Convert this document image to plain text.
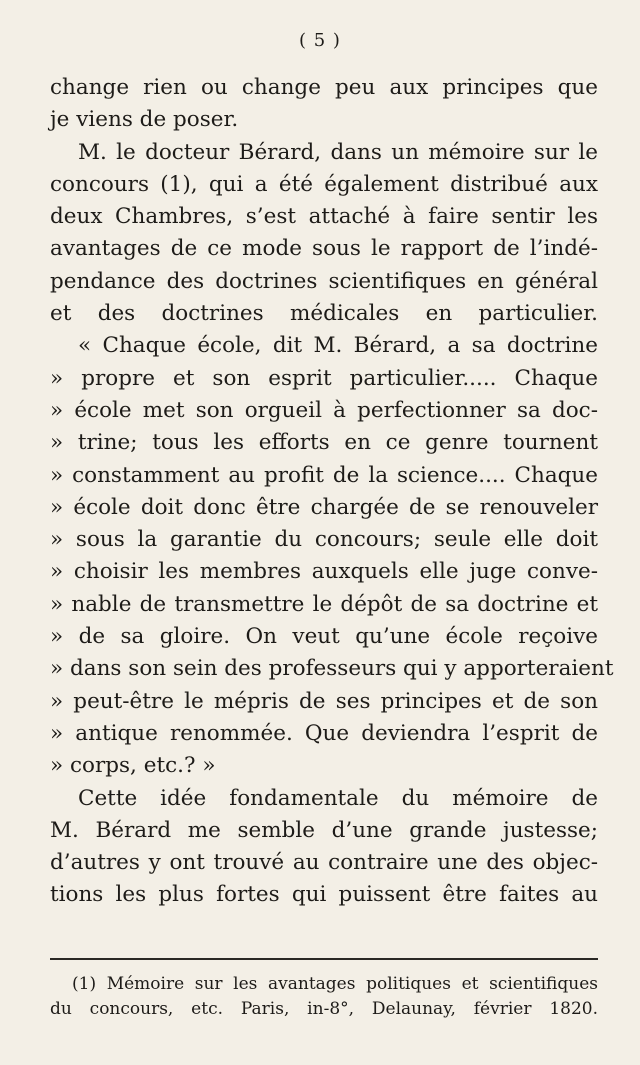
( 5 )
change rien ou change peu aux principes que
je viens de poser.
M. le docteur Bérard, dans un mémoire sur le
concours (1), qui a été également distribué aux
deux Chambres, s’est attaché à faire sentir les
avantages de ce mode sous le rapport de l’indé-
pendance des doctrines scientifiques en général
et des doctrines médicales en particulier.
« Chaque école, dit M. Bérard, a sa doctrine
» propre et son esprit particulier..... Chaque
» école met son orgueil à perfectionner sa doc-
» trine; tous les efforts en ce genre tournent
» constamment au profit de la science.... Chaque
» école doit donc être chargée de se renouveler
» sous la garantie du concours; seule elle doit
» choisir les membres auxquels elle juge conve-
» nable de transmettre le dépôt de sa doctrine et
» de sa gloire. On veut qu’une école reçoive
» dans son sein des professeurs qui y apporteraient
» peut-être le mépris de ses principes et de son
» antique renommée. Que deviendra l’esprit de
» corps, etc.? »
Cette idée fondamentale du mémoire de
M. Bérard me semble d’une grande justesse;
d’autres y ont trouvé au contraire une des objec-
tions les plus fortes qui puissent être faites au
(1) Mémoire sur les avantages politiques et scientifiques
du concours, etc. Paris, in-8°, Delaunay, février 1820.
